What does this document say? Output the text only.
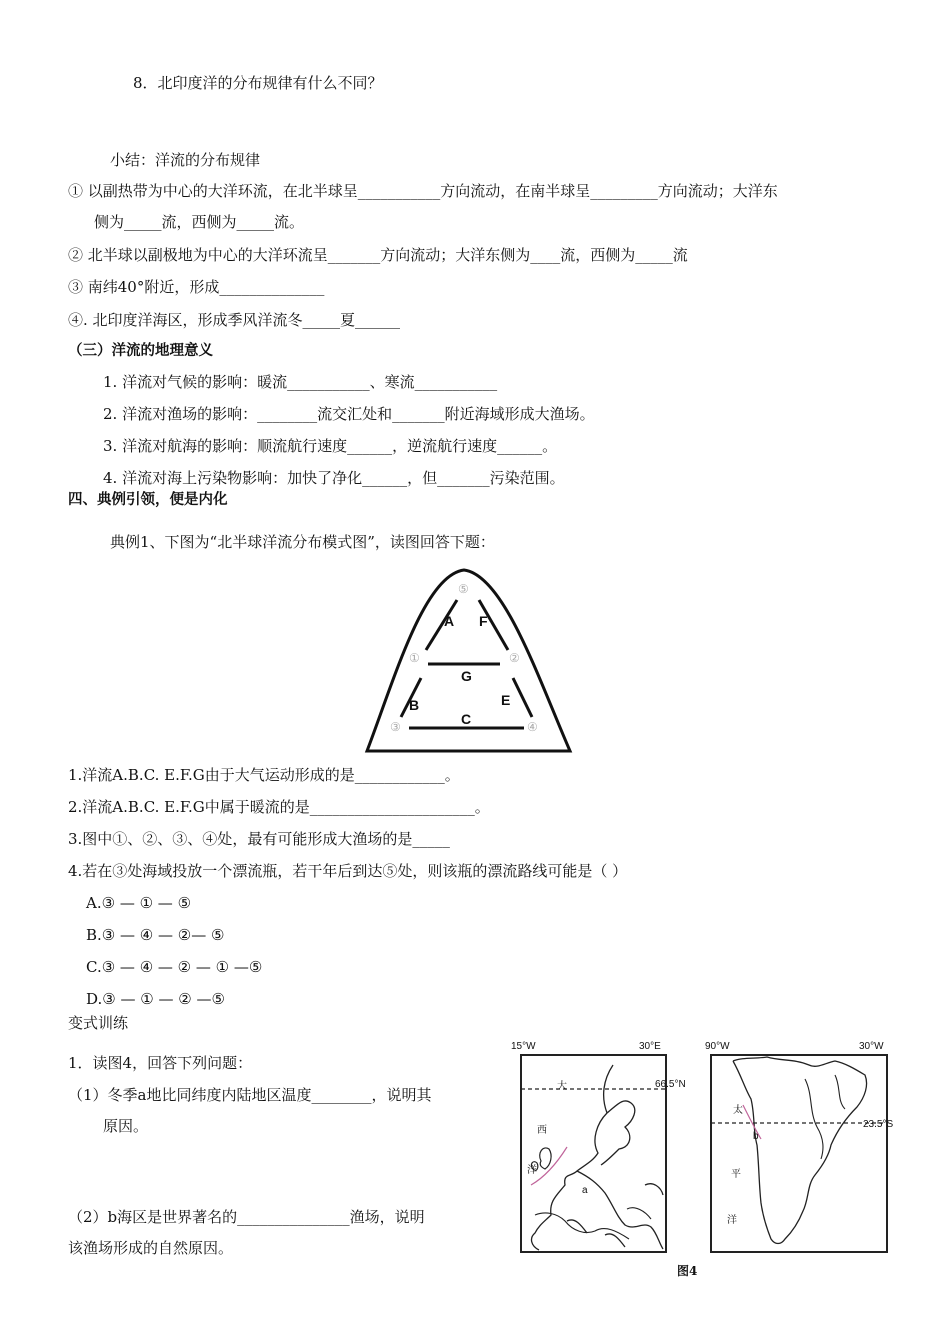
8．北印度洋的分布规律有什么不同？
小结：洋流的分布规律
① 以副热带为中心的大洋环流，在北半球呈___________方向流动，在南半球呈_________方向流动；大洋东
侧为_____流，西侧为_____流。
② 北半球以副极地为中心的大洋环流呈_______方向流动；大洋东侧为____流，西侧为_____流
③ 南纬40°附近，形成______________
④. 北印度洋海区，形成季风洋流冬_____夏______
（三）洋流的地理意义
1. 洋流对气候的影响：暖流___________、寒流___________
2. 洋流对渔场的影响：________流交汇处和_______附近海域形成大渔场。
3. 洋流对航海的影响：顺流航行速度______，逆流航行速度______。
4. 洋流对海上污染物影响：加快了净化______，但_______污染范围。
四、典例引领，便是内化
典例1、下图为“北半球洋流分布模式图”，读图回答下题：
A F
G
B	E
C
⑤
①	②
③	④
1.洋流A.B.C. E.F.G由于大气运动形成的是____________。
2.洋流A.B.C. E.F.G中属于暖流的是______________________。
3.图中①、②、③、④处，最有可能形成大渔场的是_____
4.若在③处海域投放一个漂流瓶，若干年后到达⑤处，则该瓶的漂流路线可能是（ ）
A.③ — ① — ⑤
B.③ — ④ — ②— ⑤
C.③ — ④ — ② — ① —⑤
D.③ — ① — ② —⑤
变式训练
1．读图4，回答下列问题：
（1）冬季a地比同纬度内陆地区温度________，说明其
原因。
（2）b海区是世界著名的_______________渔场，说明
该渔场形成的自然原因。
15°W	30°E
66.5°N
大
西
洋
a
90°W	30°W
23.5°S
太
平
洋
b
图4
